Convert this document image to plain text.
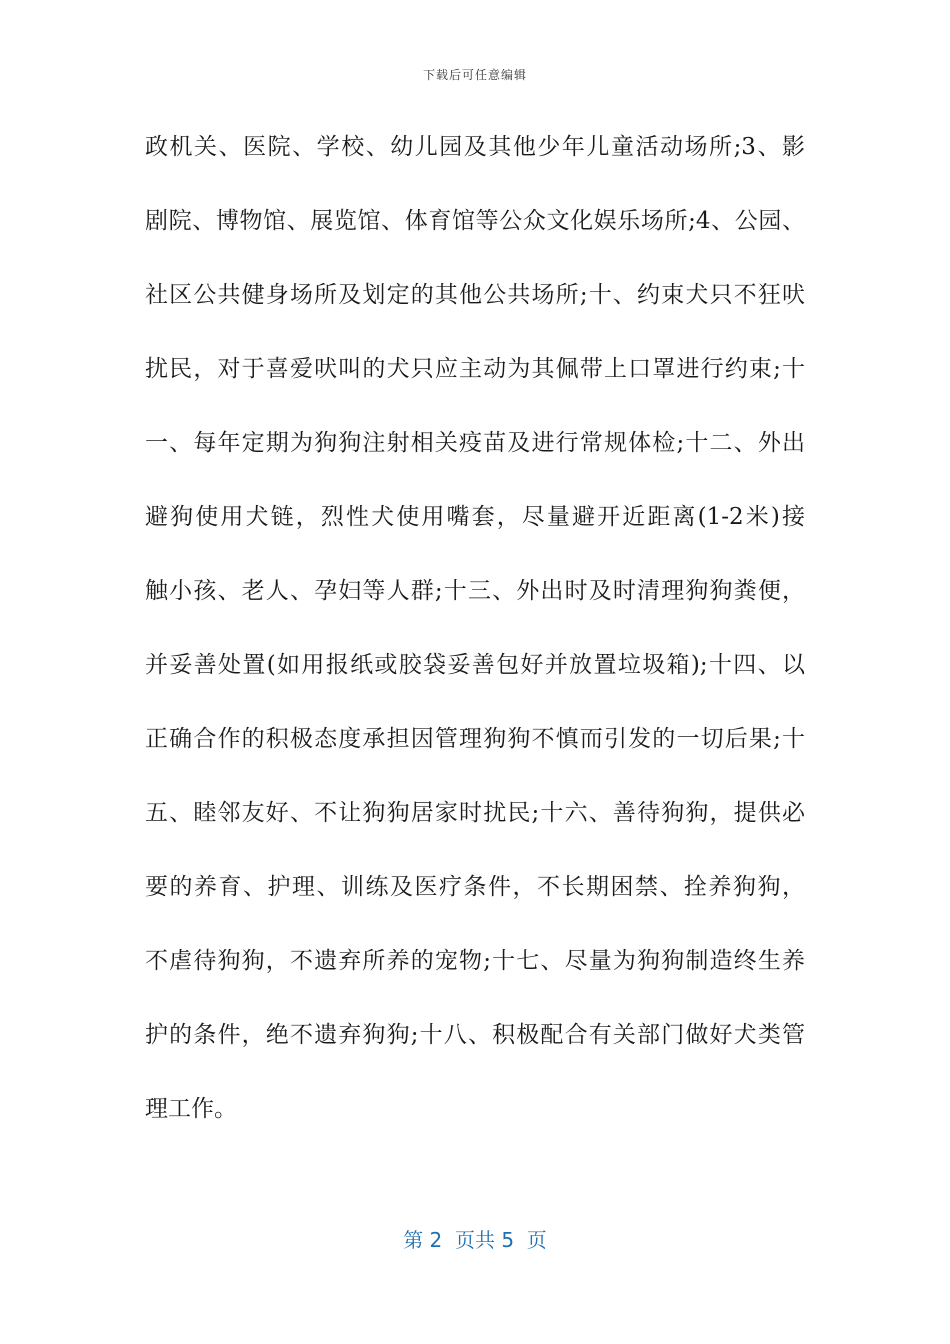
下载后可任意编辑
政机关、医院、学校、幼儿园及其他少年儿童活动场所;3、影
剧院、博物馆、展览馆、体育馆等公众文化娱乐场所;4、公园、
社区公共健身场所及划定的其他公共场所;十、约束犬只不狂吠
扰民，对于喜爱吠叫的犬只应主动为其佩带上口罩进行约束;十
一、每年定期为狗狗注射相关疫苗及进行常规体检;十二、外出
避狗使用犬链，烈性犬使用嘴套，尽量避开近距离(1-2米)接
触小孩、老人、孕妇等人群;十三、外出时及时清理狗狗粪便，
并妥善处置(如用报纸或胶袋妥善包好并放置垃圾箱);十四、以
正确合作的积极态度承担因管理狗狗不慎而引发的一切后果;十
五、睦邻友好、不让狗狗居家时扰民;十六、善待狗狗，提供必
要的养育、护理、训练及医疗条件，不长期困禁、拴养狗狗，
不虐待狗狗，不遗弃所养的宠物;十七、尽量为狗狗制造终生养
护的条件，绝不遗弃狗狗;十八、积极配合有关部门做好犬类管
理工作。
第 2  页共 5  页
